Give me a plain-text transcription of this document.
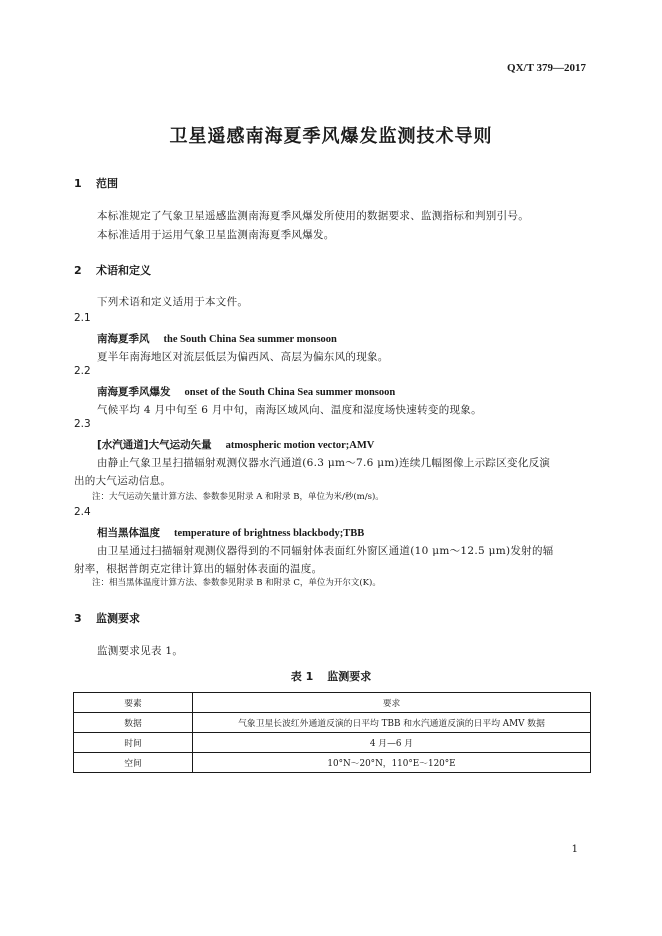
QX/T 379—2017
卫星遥感南海夏季风爆发监测技术导则
1 范围
本标准规定了气象卫星遥感监测南海夏季风爆发所使用的数据要求、监测指标和判别引号。
本标准适用于运用气象卫星监测南海夏季风爆发。
2 术语和定义
下列术语和定义适用于本文件。
2.1
南海夏季风 the South China Sea summer monsoon
夏半年南海地区对流层低层为偏西风、高层为偏东风的现象。
2.2
南海夏季风爆发 onset of the South China Sea summer monsoon
气候平均 4 月中旬至 6 月中旬，南海区域风向、温度和湿度场快速转变的现象。
2.3
[水汽通道]大气运动矢量 atmospheric motion vector;AMV
由静止气象卫星扫描辐射观测仪器水汽通道(6.3 μm～7.6 μm)连续几幅图像上示踪区变化反演
出的大气运动信息。
注：大气运动矢量计算方法、参数参见附录 A 和附录 B，单位为米/秒(m/s)。
2.4
相当黑体温度 temperature of brightness blackbody;TBB
由卫星通过扫描辐射观测仪器得到的不同辐射体表面红外窗区通道(10 μm～12.5 μm)发射的辐
射率，根据普朗克定律计算出的辐射体表面的温度。
注：相当黑体温度计算方法、参数参见附录 B 和附录 C，单位为开尔文(K)。
3 监测要求
监测要求见表 1。
表 1 监测要求
要素	要求
数据	气象卫星长波红外通道反演的日平均 TBB 和水汽通道反演的日平均 AMV 数据
时间	4 月—6 月
空间	10°N～20°N，110°E～120°E
1
